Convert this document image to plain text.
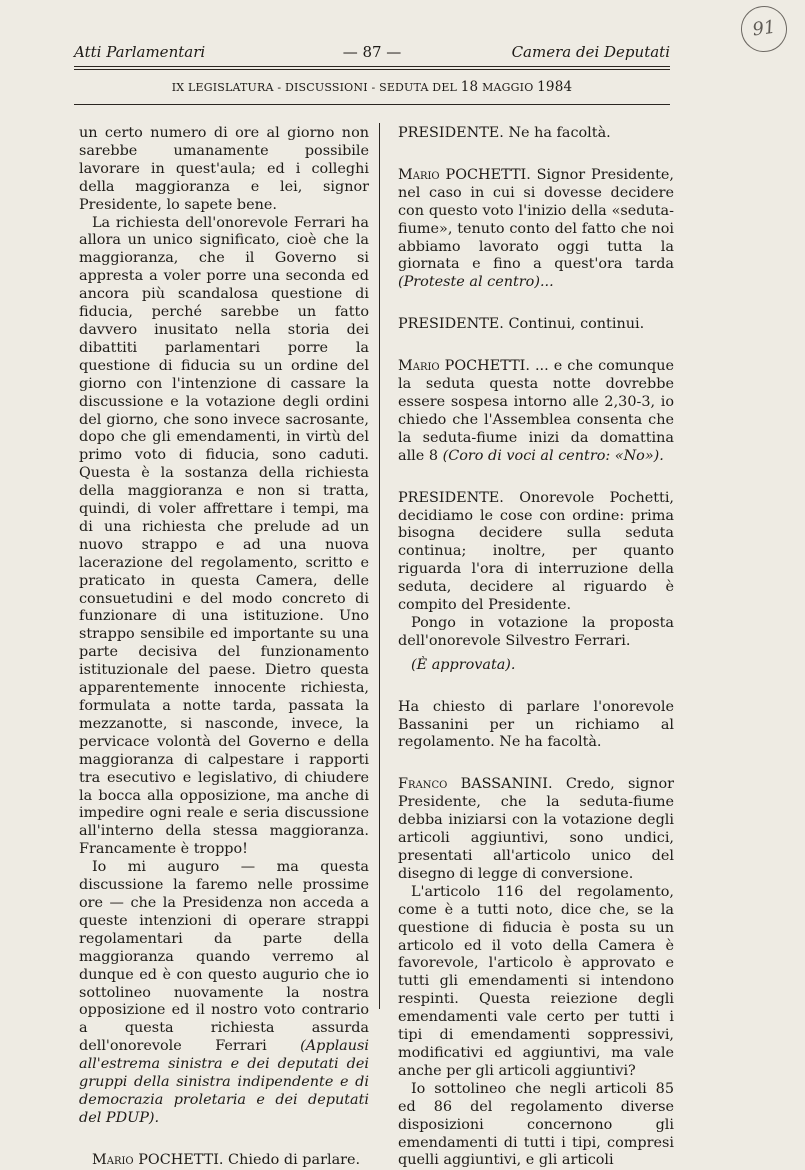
91
Atti Parlamentari	— 87 —	Camera dei Deputati
IX LEGISLATURA - DISCUSSIONI - SEDUTA DEL 18 MAGGIO 1984

un certo numero di ore al giorno non sarebbe umanamente possibile lavorare in quest'aula; ed i colleghi della maggioranza e lei, signor Presidente, lo sapete bene.

La richiesta dell'onorevole Ferrari ha allora un unico significato, cioè che la maggioranza, che il Governo si appresta a voler porre una seconda ed ancora più scandalosa questione di fiducia, perché sarebbe un fatto davvero inusitato nella storia dei dibattiti parlamentari porre la questione di fiducia su un ordine del giorno con l'intenzione di cassare la discussione e la votazione degli ordini del giorno, che sono invece sacrosante, dopo che gli emendamenti, in virtù del primo voto di fiducia, sono caduti. Questa è la sostanza della richiesta della maggioranza e non si tratta, quindi, di voler affrettare i tempi, ma di una richiesta che prelude ad un nuovo strappo e ad una nuova lacerazione del regolamento, scritto e praticato in questa Camera, delle consuetudini e del modo concreto di funzionare di una istituzione. Uno strappo sensibile ed importante su una parte decisiva del funzionamento istituzionale del paese. Dietro questa apparentemente innocente richiesta, formulata a notte tarda, passata la mezzanotte, si nasconde, invece, la pervicace volontà del Governo e della maggioranza di calpestare i rapporti tra esecutivo e legislativo, di chiudere la bocca alla opposizione, ma anche di impedire ogni reale e seria discussione all'interno della stessa maggioranza. Francamente è troppo!

Io mi auguro — ma questa discussione la faremo nelle prossime ore — che la Presidenza non acceda a queste intenzioni di operare strappi regolamentari da parte della maggioranza quando verremo al dunque ed è con questo augurio che io sottolineo nuovamente la nostra opposizione ed il nostro voto contrario a questa richiesta assurda dell'onorevole Ferrari (Applausi all'estrema sinistra e dei deputati dei gruppi della sinistra indipendente e di democrazia proletaria e dei deputati del PDUP).

Mario POCHETTI. Chiedo di parlare.

PRESIDENTE. Ne ha facoltà.

Mario POCHETTI. Signor Presidente, nel caso in cui si dovesse decidere con questo voto l'inizio della «seduta-fiume», tenuto conto del fatto che noi abbiamo lavorato oggi tutta la giornata e fino a quest'ora tarda (Proteste al centro)...

PRESIDENTE. Continui, continui.

Mario POCHETTI. ... e che comunque la seduta questa notte dovrebbe essere sospesa intorno alle 2,30-3, io chiedo che l'Assemblea consenta che la seduta-fiume inizi da domattina alle 8 (Coro di voci al centro: «No»).

PRESIDENTE. Onorevole Pochetti, decidiamo le cose con ordine: prima bisogna decidere sulla seduta continua; inoltre, per quanto riguarda l'ora di interruzione della seduta, decidere al riguardo è compito del Presidente.

Pongo in votazione la proposta dell'onorevole Silvestro Ferrari.

(È approvata).

Ha chiesto di parlare l'onorevole Bassanini per un richiamo al regolamento. Ne ha facoltà.

Franco BASSANINI. Credo, signor Presidente, che la seduta-fiume debba iniziarsi con la votazione degli articoli aggiuntivi, sono undici, presentati all'articolo unico del disegno di legge di conversione.

L'articolo 116 del regolamento, come è a tutti noto, dice che, se la questione di fiducia è posta su un articolo ed il voto della Camera è favorevole, l'articolo è approvato e tutti gli emendamenti si intendono respinti. Questa reiezione degli emendamenti vale certo per tutti i tipi di emendamenti soppressivi, modificativi ed aggiuntivi, ma vale anche per gli articoli aggiuntivi?

Io sottolineo che negli articoli 85 ed 86 del regolamento diverse disposizioni concernono gli emendamenti di tutti i tipi, compresi quelli aggiuntivi, e gli articoli
